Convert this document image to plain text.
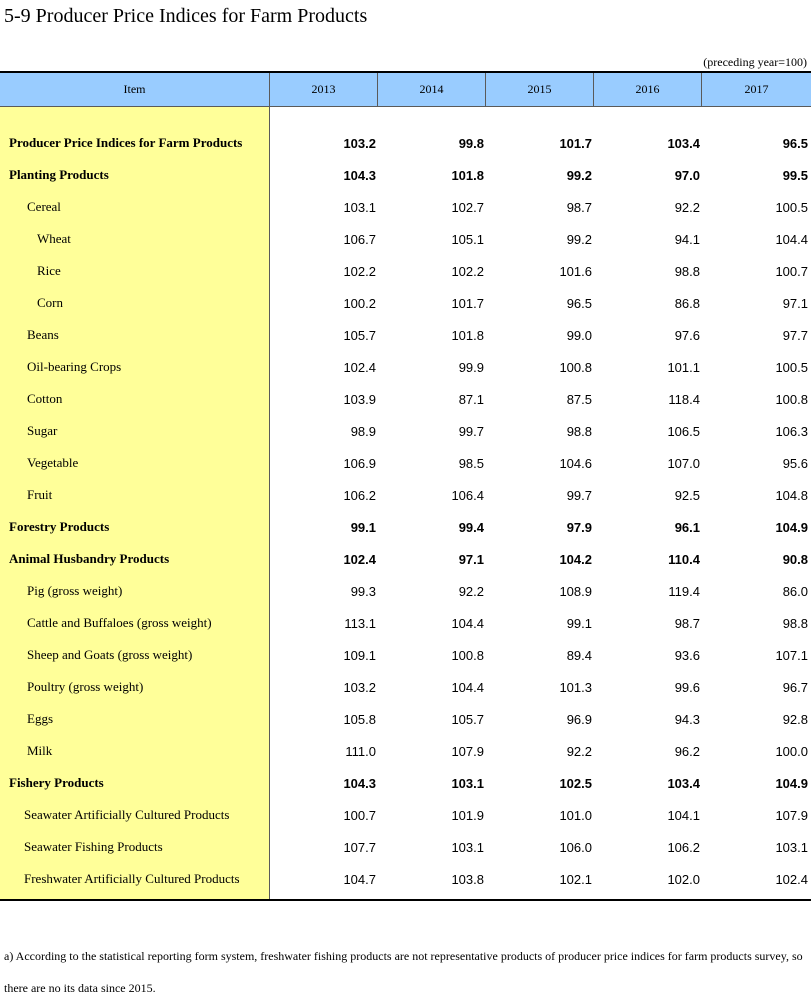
5-9 Producer Price Indices for Farm Products
(preceding year=100)
Item	2013	2014	2015	2016	2017
Producer Price Indices for Farm Products	103.2	99.8	101.7	103.4	96.5
Planting Products	104.3	101.8	99.2	97.0	99.5
Cereal	103.1	102.7	98.7	92.2	100.5
Wheat	106.7	105.1	99.2	94.1	104.4
Rice	102.2	102.2	101.6	98.8	100.7
Corn	100.2	101.7	96.5	86.8	97.1
Beans	105.7	101.8	99.0	97.6	97.7
Oil-bearing Crops	102.4	99.9	100.8	101.1	100.5
Cotton	103.9	87.1	87.5	118.4	100.8
Sugar	98.9	99.7	98.8	106.5	106.3
Vegetable	106.9	98.5	104.6	107.0	95.6
Fruit	106.2	106.4	99.7	92.5	104.8
Forestry Products	99.1	99.4	97.9	96.1	104.9
Animal Husbandry Products	102.4	97.1	104.2	110.4	90.8
Pig (gross weight)	99.3	92.2	108.9	119.4	86.0
Cattle and Buffaloes (gross weight)	113.1	104.4	99.1	98.7	98.8
Sheep and Goats (gross weight)	109.1	100.8	89.4	93.6	107.1
Poultry (gross weight)	103.2	104.4	101.3	99.6	96.7
Eggs	105.8	105.7	96.9	94.3	92.8
Milk	111.0	107.9	92.2	96.2	100.0
Fishery Products	104.3	103.1	102.5	103.4	104.9
Seawater Artificially Cultured Products	100.7	101.9	101.0	104.1	107.9
Seawater Fishing Products	107.7	103.1	106.0	106.2	103.1
Freshwater Artificially Cultured Products	104.7	103.8	102.1	102.0	102.4
a) According to the statistical reporting form system, freshwater fishing products are not representative products of producer price indices for farm products survey, so there are no its data since 2015.
